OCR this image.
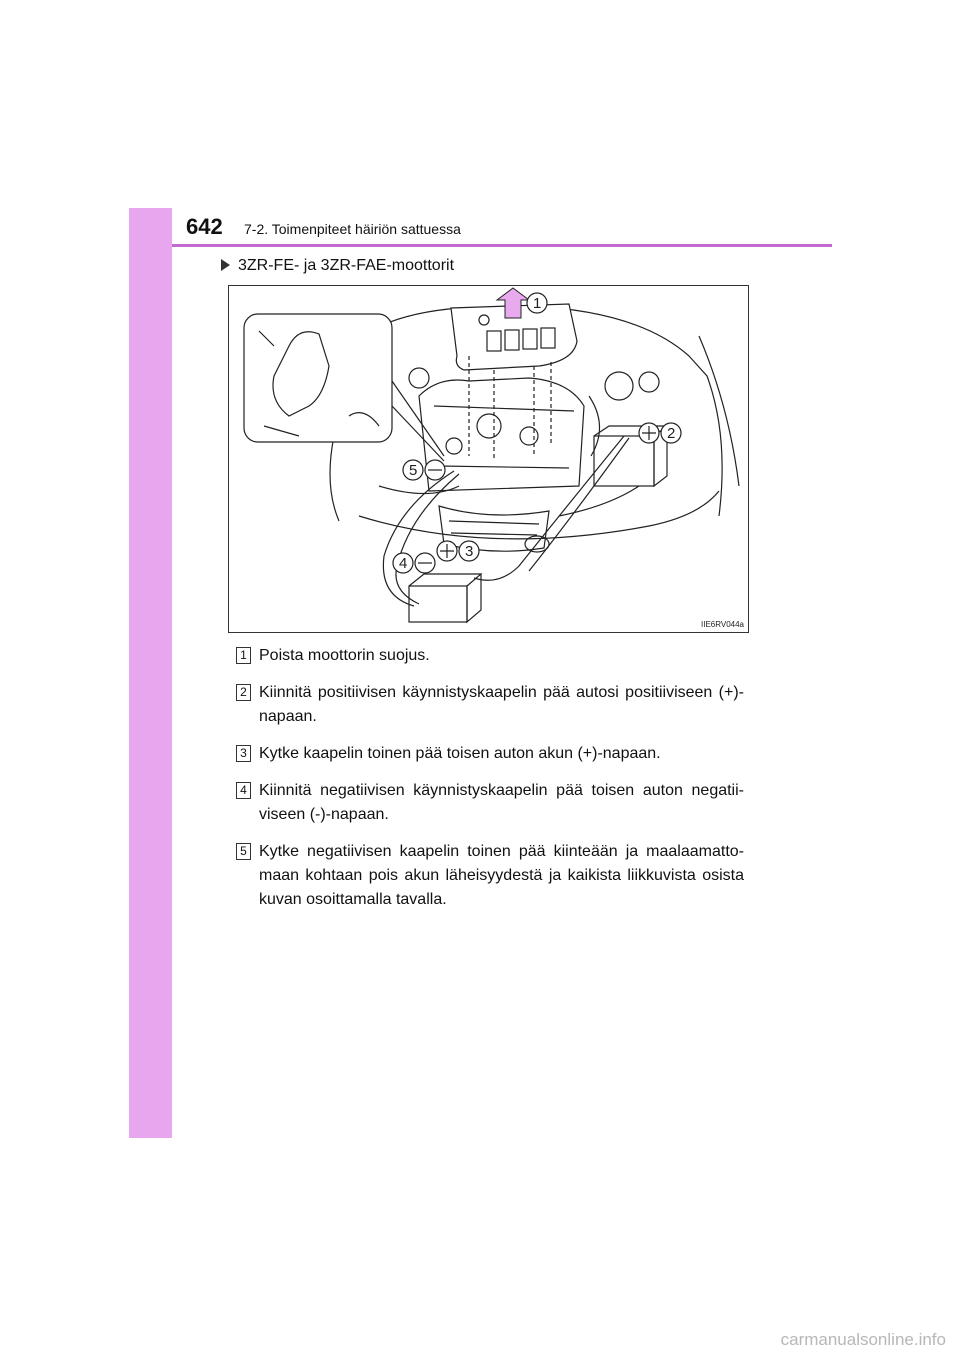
642 7-2. Toimenpiteet häiriön sattuessa
3ZR-FE- ja 3ZR-FAE-moottorit
1
2
3
4
5
IIE6RV044a
1 Poista moottorin suojus.
2 Kiinnitä positiivisen käynnistyskaapelin pää autosi positiiviseen (+)-napaan.
3 Kytke kaapelin toinen pää toisen auton akun (+)-napaan.
4 Kiinnitä negatiivisen käynnistyskaapelin pää toisen auton negatii-viseen (-)-napaan.
5 Kytke negatiivisen kaapelin toinen pää kiinteään ja maalaamatto-maan kohtaan pois akun läheisyydestä ja kaikista liikkuvista osista kuvan osoittamalla tavalla.
carmanualsonline.info
